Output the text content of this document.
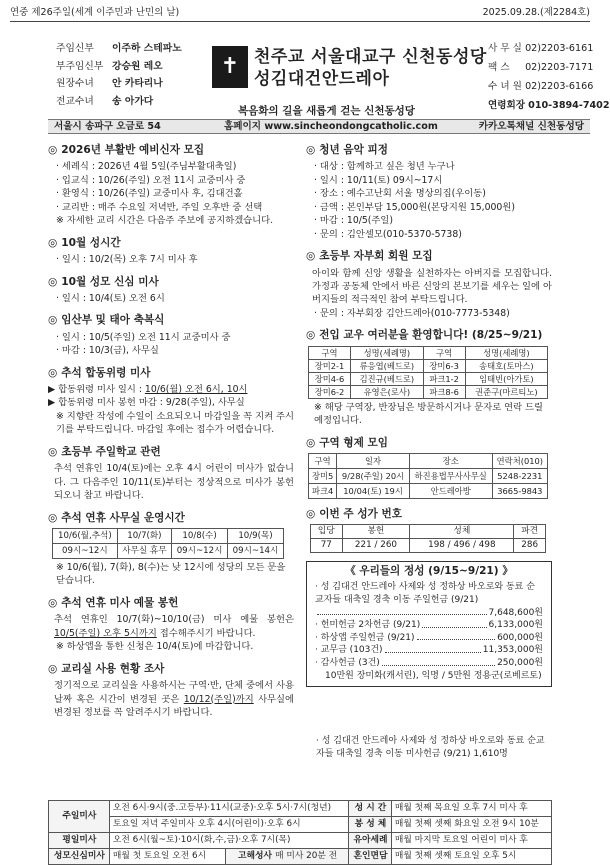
연중 제26주일(세계 이주민과 난민의 날)	2025.09.28.(제2284호)
주임신부 이주하 스테파노
부주임신부 강승원 레오
원장수녀 안 카타리나
전교수녀 송 아가다
✝ 천주교 서울대교구 신천동성당
성김대건안드레아
복음화의 길을 새롭게 걷는 신천동성당
사 무 실 02)2203-6161
팩 스 02)2203-7171
수 녀 원 02)2203-6166
연령회장 010-3894-7402
서울시 송파구 오금로 54	홈페이지 www.sincheondongcatholic.com	카카오톡채널 신천동성당
◎ 2026년 부활반 예비신자 모집
· 세례식 : 2026년 4월 5일(주님부활대축일)
· 입교식 : 10/26(주일) 오전 11시 교중미사 중
· 환영식 : 10/26(주일) 교중미사 후, 김대건홀
· 교리반 : 매주 수요일 저녁반, 주일 오후반 중 선택
※ 자세한 교리 시간은 다음주 주보에 공지하겠습니다.
◎ 10월 성시간
· 일시 : 10/2(목) 오후 7시 미사 후
◎ 10월 성모 신심 미사
· 일시 : 10/4(토) 오전 6시
◎ 임산부 및 태아 축복식
· 일시 : 10/5(주일) 오전 11시 교중미사 중
· 마감 : 10/3(금), 사무실
◎ 추석 합동위령 미사
▶ 합동위령 미사 일시 : 10/6(월) 오전 6시, 10시
▶ 합동위령 미사 봉헌 마감 : 9/28(주일), 사무실
※ 지향란 작성에 수일이 소요되오니 마감일을 꼭 지켜 주시기를 부탁드립니다. 마감일 후에는 접수가 어렵습니다.
◎ 초등부 주일학교 관련
추석 연휴인 10/4(토)에는 오후 4시 어린이 미사가 없습니다. 그 다음주인 10/11(토)부터는 정상적으로 미사가 봉헌되오니 참고 바랍니다.
◎ 추석 연휴 사무실 운영시간
10/6(월,추석)	10/7(화)	10/8(수)	10/9(목)
09시~12시	사무실 휴무	09시~12시	09시~14시
※ 10/6(월), 7(화), 8(수)는 낮 12시에 성당의 모든 문을 닫습니다.
◎ 추석 연휴 미사 예물 봉헌
추석 연휴인 10/7(화)~10/10(금) 미사 예물 봉헌은 10/5(주일) 오후 5시까지 접수해주시기 바랍니다.
※ 하상앱을 통한 신청은 10/4(토)에 마감합니다.
◎ 교리실 사용 현황 조사
정기적으로 교리실을 사용하시는 구역·반, 단체 중에서 사용 날짜 혹은 시간이 변경된 곳은 10/12(주일)까지 사무실에 변경된 정보를 꼭 알려주시기 바랍니다.
◎ 청년 음악 피정
· 대상 : 함께하고 싶은 청년 누구나
· 일시 : 10/11(토) 09시~17시
· 장소 : 예수고난회 서울 명상의집(우이동)
· 금액 : 본인부담 15,000원(본당지원 15,000원)
· 마감 : 10/5(주일)
· 문의 : 김안셀모(010-5370-5738)
◎ 초등부 자부회 회원 모집
아이와 함께 신앙 생활을 실천하자는 아버지를 모집합니다. 가정과 공동체 안에서 바른 신앙의 본보기를 세우는 일에 아버지들의 적극적인 참여 부탁드립니다.
· 문의 : 자부회장 김안드레아(010-7773-5348)
◎ 전입 교우 여러분을 환영합니다! (8/25~9/21)
구역	성명(세례명)	구역	성명(세례명)
장미2-1	류응엽(베드로)	장미6-3	송태호(토마스)
장미4-6	김진규(베드로)	파크1-2	임태빈(아가토)
장미6-2	유영은(로사)	파크8-6	권준구(마르티노)
※ 해당 구역장, 반장님은 방문하시거나 문자로 연락 드릴 예정입니다.
◎ 구역 형제 모임
구역	일자	장소	연락처(010)
장미5	9/28(주일) 20시	하진용법무사사무실	5248-2231
파크4	10/04(토) 19시	안드레아방	3665-9843
◎ 이번 주 성가 번호
입당	봉헌	성체	파견
77	221 / 260	198 / 496 / 498	286
《 우리들의 정성 (9/15~9/21) 》
· 성 김대건 안드레아 사제와 성 정하상 바오로와 동료 순교자들 대축일 경축 이동 주일헌금 (9/21)
7,648,600원
· 헌미헌금 2차헌금 (9/21)	6,133,000원
· 하상앱 주일헌금 (9/21)	600,000원
· 교무금 (103건)	11,353,000원
· 감사헌금 (3건)	250,000원
10만원 장미화(캐서린), 익명 / 5만원 정용군(로베르토)
· 성 김대건 안드레아 사제와 성 정하상 바오로와 동료 순교자들 대축일 경축 이동 미사헌금 (9/21) 1,610명
주일미사	오전 6시·9시(중.고등부)·11시(교중)·오후 5시·7시(청년)		성 시 간	매월 첫째 목요일 오후 7시 미사 후
	토요일 저녁 주일미사 오후 4시(어린이)·오후 6시		봉 성 체	매월 첫째 셋째 화요일 오전 9시 10분
평일미사	오전 6시(월~토)·10시(화,수,금)·오후 7시(목)		유아세례	매월 마지막 토요일 어린이 미사 후
성모신심미사	매월 첫 토요일 오전 6시	고해성사 매 미사 20분 전	혼인면담	매월 첫째 셋째 토요일 오후 5시
